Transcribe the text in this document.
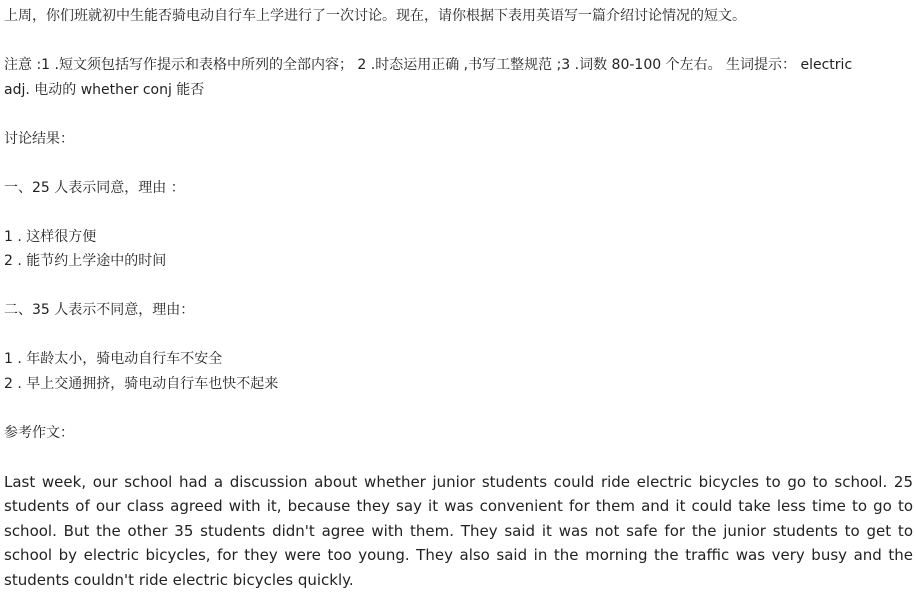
上周，你们班就初中生能否骑电动自行车上学进行了一次讨论。现在，请你根据下表用英语写一篇介绍讨论情况的短文。

注意 :1 .短文须包括写作提示和表格中所列的全部内容； 2 .时态运用正确 ,书写工整规范 ;3 .词数 80-100 个左右。 生词提示： electric

adj. 电动的 whether conj 能否

讨论结果：

一、25 人表示同意，理由 ：

1 . 这样很方便

2 . 能节约上学途中的时间

二、35 人表示不同意，理由：

1 . 年龄太小，骑电动自行车不安全

2 . 早上交通拥挤，骑电动自行车也快不起来

参考作文：

Last week, our school had a discussion about whether junior students could ride electric bicycles to go to school. 25 students of our class agreed with it, because they say it was convenient for them and it could take less time to go to school. But the other 35 students didn't agree with them. They said it was not safe for the junior students to get to school by electric bicycles, for they were too young. They also said in the morning the traffic was very busy and the students couldn't ride electric bicycles quickly.
